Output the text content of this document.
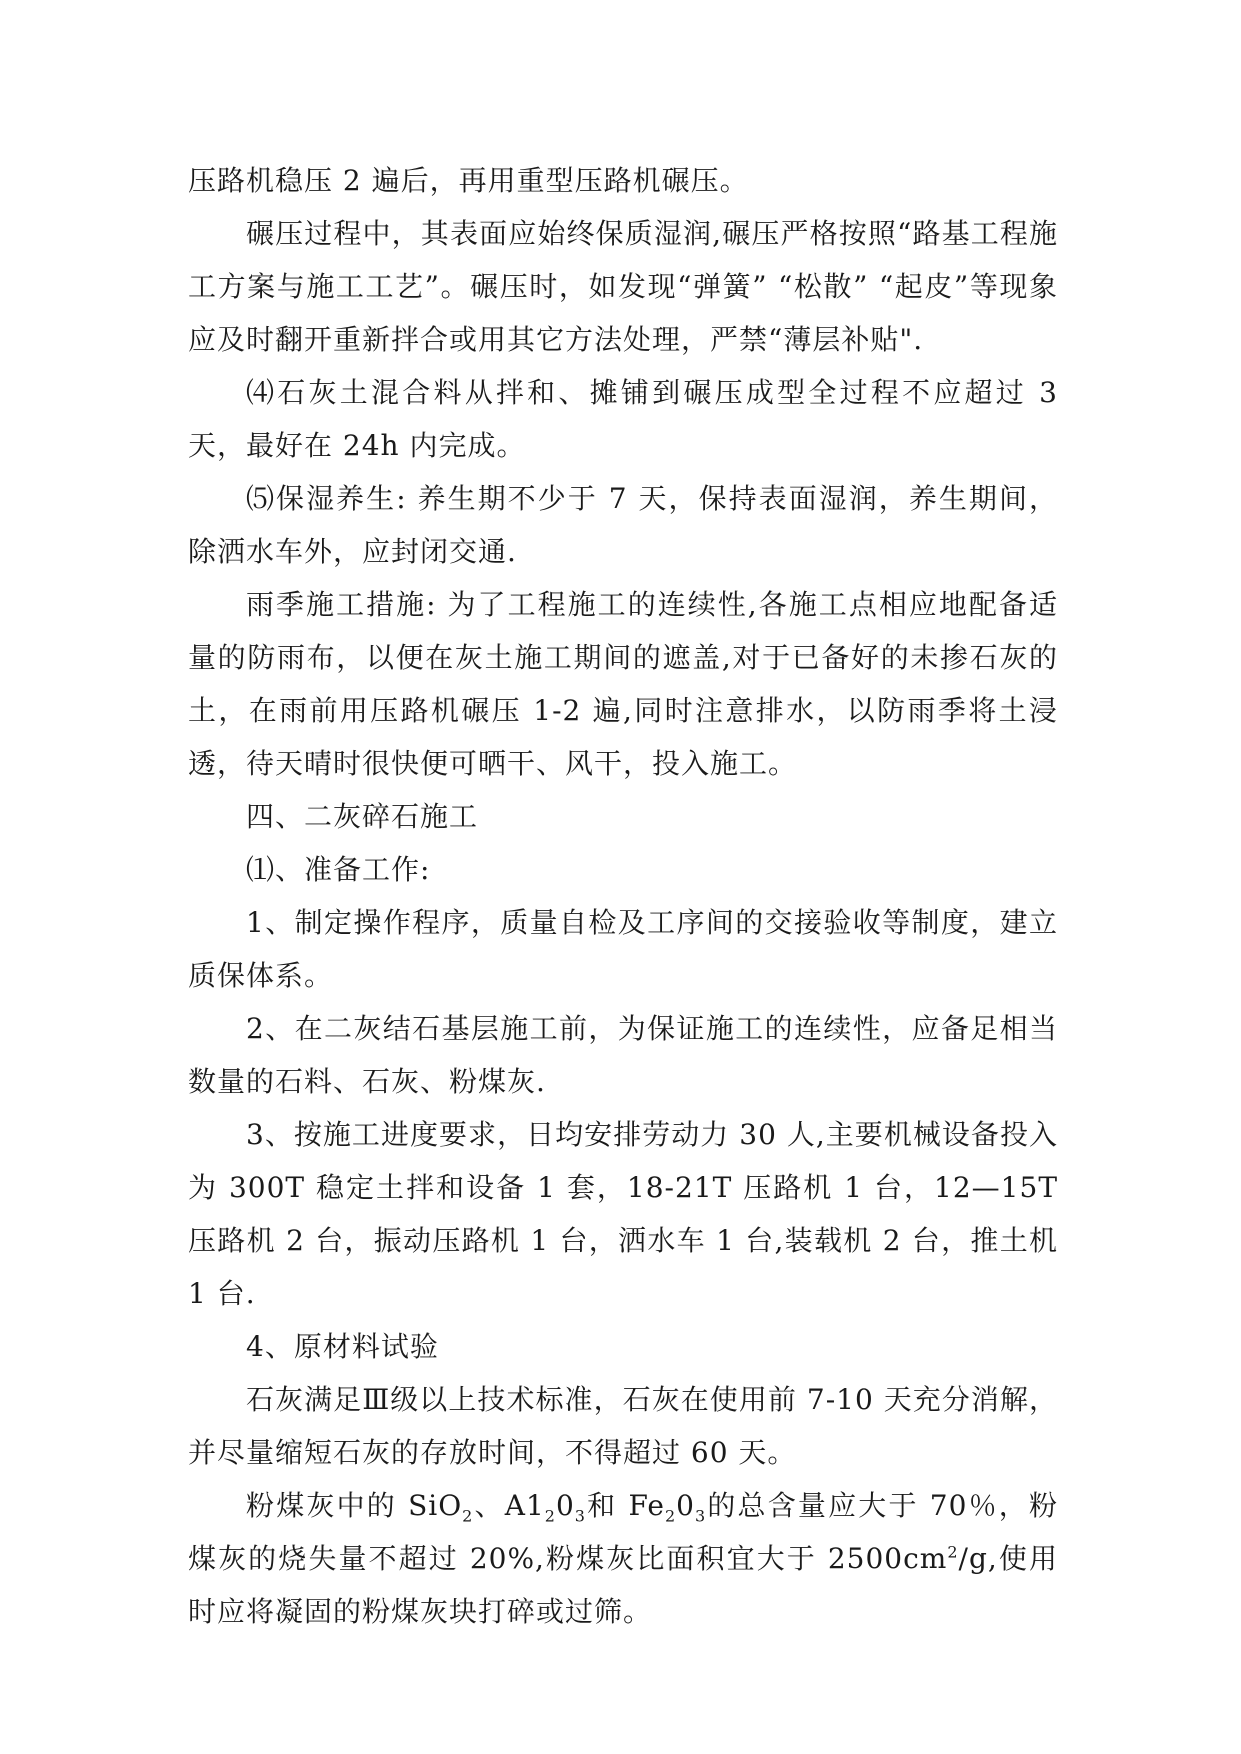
压路机稳压 2 遍后，再用重型压路机碾压。

碾压过程中，其表面应始终保质湿润,碾压严格按照“路基工程施工方案与施工工艺”。碾压时，如发现“弹簧” “松散” “起皮”等现象应及时翻开重新拌合或用其它方法处理，严禁“薄层补贴".

⑷石灰土混合料从拌和、摊铺到碾压成型全过程不应超过 3 天，最好在 24h 内完成。

⑸保湿养生: 养生期不少于 7 天，保持表面湿润，养生期间，除洒水车外，应封闭交通.

雨季施工措施: 为了工程施工的连续性,各施工点相应地配备适量的防雨布，以便在灰土施工期间的遮盖,对于已备好的未掺石灰的土，在雨前用压路机碾压 1-2 遍,同时注意排水，以防雨季将土浸透，待天晴时很快便可晒干、风干，投入施工。

四、二灰碎石施工

⑴、准备工作:

1、制定操作程序，质量自检及工序间的交接验收等制度，建立质保体系。

2、在二灰结石基层施工前，为保证施工的连续性，应备足相当数量的石料、石灰、粉煤灰.

3、按施工进度要求，日均安排劳动力 30 人,主要机械设备投入为 300T 稳定土拌和设备 1 套，18-21T 压路机 1 台，12—15T 压路机 2 台，振动压路机 1 台，洒水车 1 台,装载机 2 台，推土机 1 台.

4、原材料试验

石灰满足Ⅲ级以上技术标准，石灰在使用前 7-10 天充分消解，并尽量缩短石灰的存放时间，不得超过 60 天。

粉煤灰中的 SiO$_2$、$A1_20_3$和 $Fe_20_3$的总含量应大于 70％，粉煤灰的烧失量不超过 20%,粉煤灰比面积宜大于 $2500cm^2/g$,使用时应将凝固的粉煤灰块打碎或过筛。
